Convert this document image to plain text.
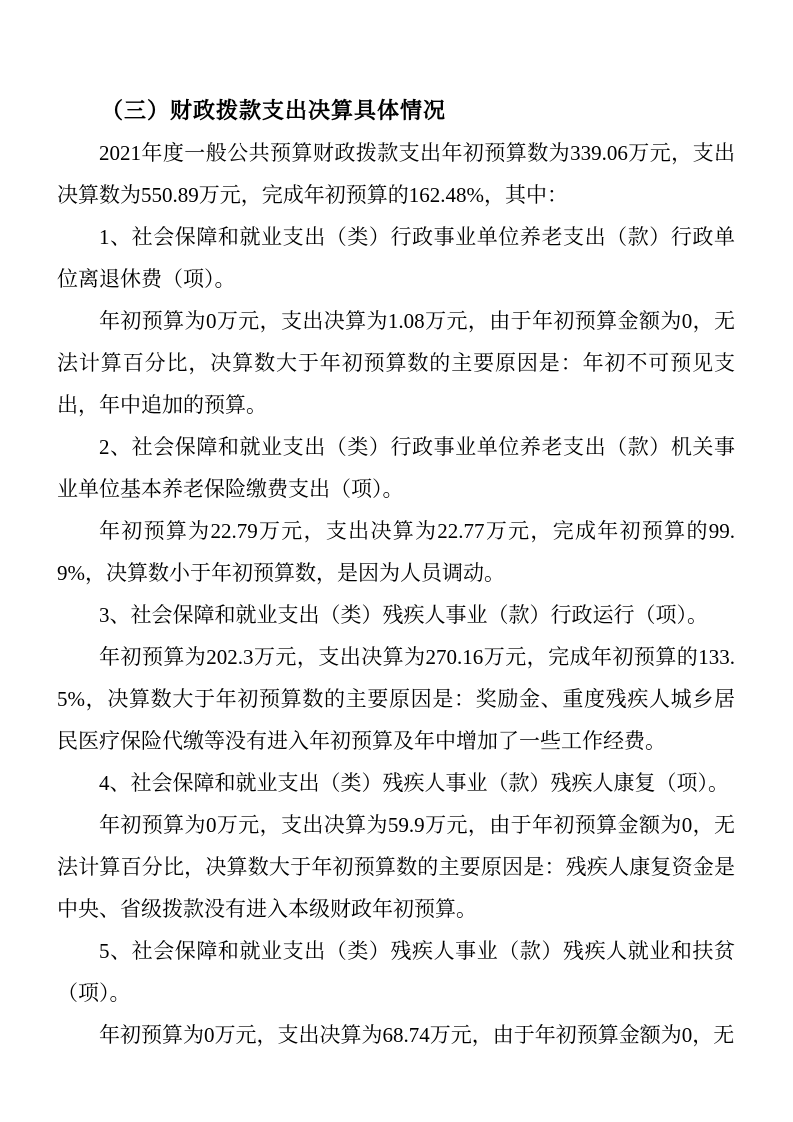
（三）财政拨款支出决算具体情况

2021年度一般公共预算财政拨款支出年初预算数为339.06万元，支出决算数为550.89万元，完成年初预算的162.48%，其中：

1、社会保障和就业支出（类）行政事业单位养老支出（款）行政单位离退休费（项）。

年初预算为0万元，支出决算为1.08万元，由于年初预算金额为0，无法计算百分比，决算数大于年初预算数的主要原因是：年初不可预见支出，年中追加的预算。

2、社会保障和就业支出（类）行政事业单位养老支出（款）机关事业单位基本养老保险缴费支出（项）。

年初预算为22.79万元，支出决算为22.77万元，完成年初预算的99.9%，决算数小于年初预算数，是因为人员调动。

3、社会保障和就业支出（类）残疾人事业（款）行政运行（项）。

年初预算为202.3万元，支出决算为270.16万元，完成年初预算的133.5%，决算数大于年初预算数的主要原因是：奖励金、重度残疾人城乡居民医疗保险代缴等没有进入年初预算及年中增加了一些工作经费。

4、社会保障和就业支出（类）残疾人事业（款）残疾人康复（项）。

年初预算为0万元，支出决算为59.9万元，由于年初预算金额为0，无法计算百分比，决算数大于年初预算数的主要原因是：残疾人康复资金是中央、省级拨款没有进入本级财政年初预算。

5、社会保障和就业支出（类）残疾人事业（款）残疾人就业和扶贫（项）。

年初预算为0万元，支出决算为68.74万元，由于年初预算金额为0，无
